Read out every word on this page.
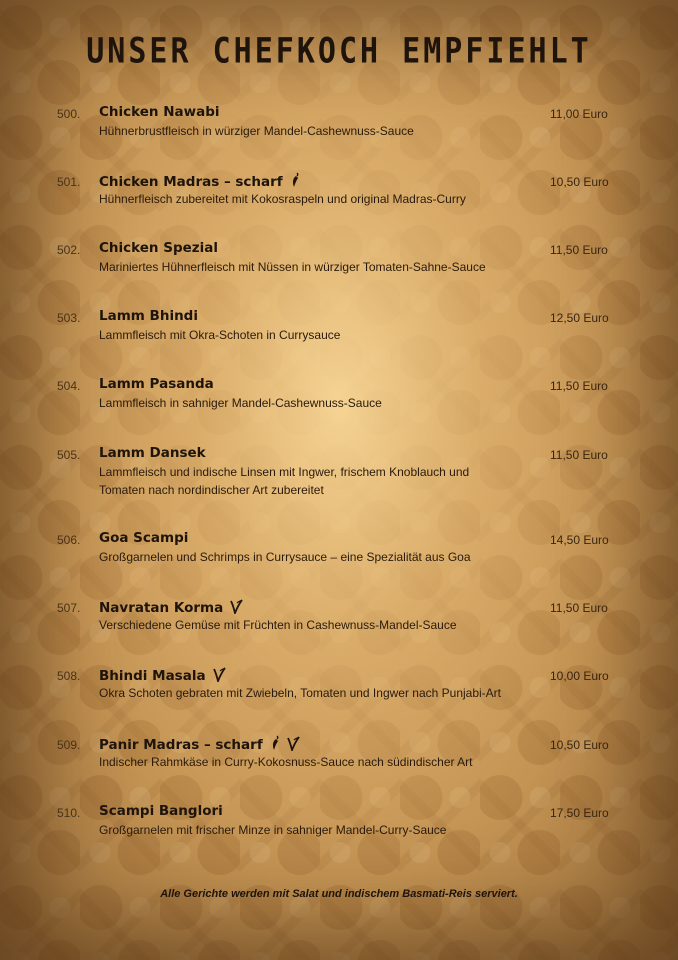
UNSER CHEFKOCH EMPFIEHLT
500. Chicken Nawabi	11,00 Euro
Hühnerbrustfleisch in würziger Mandel-Cashewnuss-Sauce
501. Chicken Madras – scharf	10,50 Euro
Hühnerfleisch zubereitet mit Kokosraspeln und original Madras-Curry
502. Chicken Spezial	11,50 Euro
Mariniertes Hühnerfleisch mit Nüssen in würziger Tomaten-Sahne-Sauce
503. Lamm Bhindi	12,50 Euro
Lammfleisch mit Okra-Schoten in Currysauce
504. Lamm Pasanda	11,50 Euro
Lammfleisch in sahniger Mandel-Cashewnuss-Sauce
505. Lamm Dansek	11,50 Euro
Lammfleisch und indische Linsen mit Ingwer, frischem Knoblauch und Tomaten nach nordindischer Art zubereitet
506. Goa Scampi	14,50 Euro
Großgarnelen und Schrimps in Currysauce – eine Spezialität aus Goa
507. Navratan Korma	11,50 Euro
Verschiedene Gemüse mit Früchten in Cashewnuss-Mandel-Sauce
508. Bhindi Masala	10,00 Euro
Okra Schoten gebraten mit Zwiebeln, Tomaten und Ingwer nach Punjabi-Art
509. Panir Madras – scharf	10,50 Euro
Indischer Rahmkäse in Curry-Kokosnuss-Sauce nach südindischer Art
510. Scampi Banglori	17,50 Euro
Großgarnelen mit frischer Minze in sahniger Mandel-Curry-Sauce
Alle Gerichte werden mit Salat und indischem Basmati-Reis serviert.
